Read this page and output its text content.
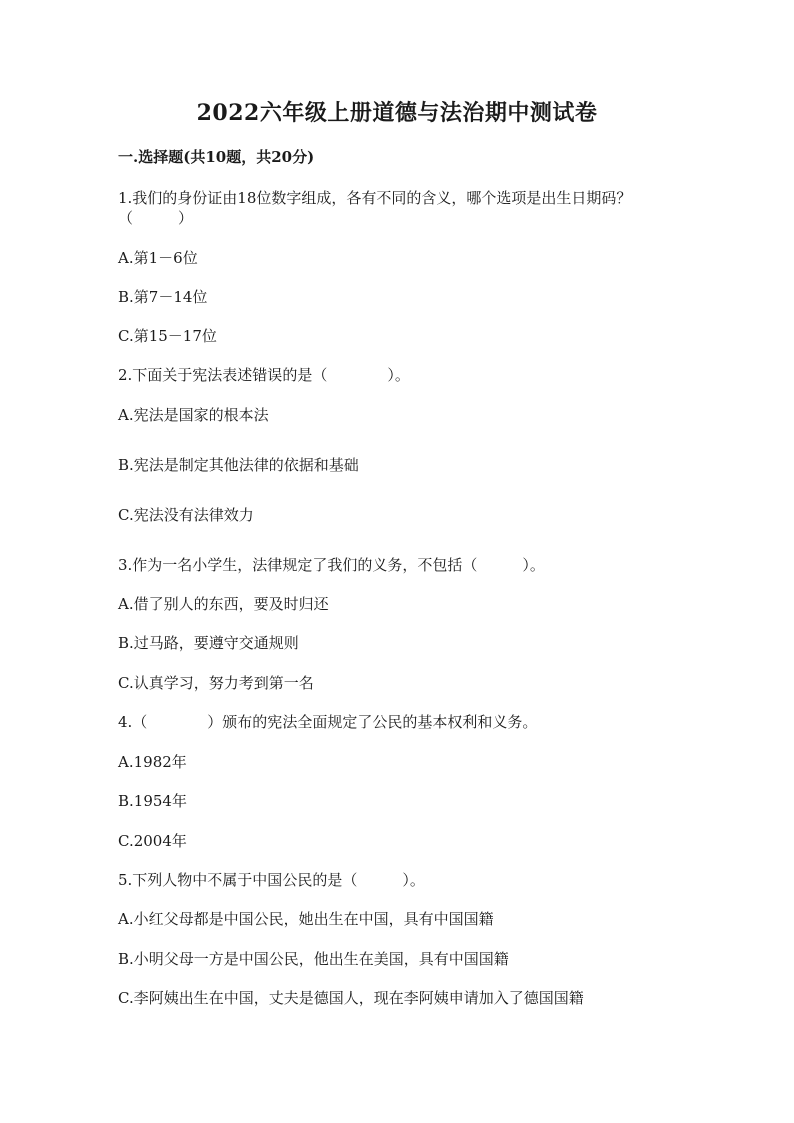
2022六年级上册道德与法治期中测试卷
一.选择题(共10题，共20分)
1.我们的身份证由18位数字组成，各有不同的含义，哪个选项是出生日期码？
（　　　）
A.第1－6位
B.第7－14位
C.第15－17位
2.下面关于宪法表述错误的是（　　　　）。
A.宪法是国家的根本法
B.宪法是制定其他法律的依据和基础
C.宪法没有法律效力
3.作为一名小学生，法律规定了我们的义务，不包括（　　　）。
A.借了别人的东西，要及时归还
B.过马路，要遵守交通规则
C.认真学习，努力考到第一名
4.（　　　　）颁布的宪法全面规定了公民的基本权利和义务。
A.1982年
B.1954年
C.2004年
5.下列人物中不属于中国公民的是（　　　）。
A.小红父母都是中国公民，她出生在中国，具有中国国籍
B.小明父母一方是中国公民，他出生在美国，具有中国国籍
C.李阿姨出生在中国，丈夫是德国人，现在李阿姨申请加入了德国国籍
